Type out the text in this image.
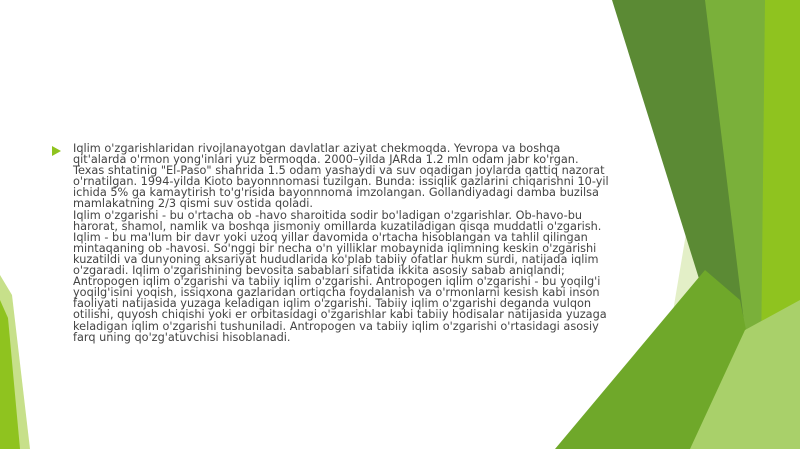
Iqlim o'zgarishlaridan rivojlanayotgan davlatlar aziyat chekmoqda. Yevropa va boshqa qit'alarda o'rmon yong'inlari yuz bermoqda. 2000–yilda JARda 1.2 mln odam jabr ko'rgan. Texas shtatinig "El-Paso" shahrida 1.5 odam yashaydi va suv oqadigan joylarda qattiq nazorat o'rnatilgan. 1994-yilda Kioto bayonnnomasi tuzilgan. Bunda: issiqlik gazlarini chiqarishni 10-yil ichida 5% ga kamaytirish to'g'risida bayonnnoma imzolangan. Gollandiyadagi damba buzilsa mamlakatning 2/3 qismi suv ostida qoladi.

Iqlim o'zgarishi - bu o'rtacha ob -havo sharoitida sodir bo'ladigan o'zgarishlar. Ob-havo-bu harorat, shamol, namlik va boshqa jismoniy omillarda kuzatiladigan qisqa muddatli o'zgarish. Iqlim - bu ma'lum bir davr yoki uzoq yillar davomida o'rtacha hisoblangan va tahlil qilingan mintaqaning ob -havosi. So'nggi bir necha o'n yilliklar mobaynida iqlimning keskin o'zgarishi kuzatildi va dunyoning aksariyat hududlarida ko'plab tabiiy ofatlar hukm surdi, natijada iqlim o'zgaradi. Iqlim o'zgarishining bevosita sabablari sifatida ikkita asosiy sabab aniqlandi; Antropogen iqlim o'zgarishi va tabiiy iqlim o'zgarishi. Antropogen iqlim o'zgarishi - bu yoqilg'i yoqilg'isini yoqish, issiqxona gazlaridan ortiqcha foydalanish va o'rmonlarni kesish kabi inson faoliyati natijasida yuzaga keladigan iqlim o'zgarishi. Tabiiy iqlim o'zgarishi deganda vulqon otilishi, quyosh chiqishi yoki er orbitasidagi o'zgarishlar kabi tabiiy hodisalar natijasida yuzaga keladigan iqlim o'zgarishi tushuniladi. Antropogen va tabiiy iqlim o'zgarishi o'rtasidagi asosiy farq uning qo'zg'atuvchisi hisoblanadi.
